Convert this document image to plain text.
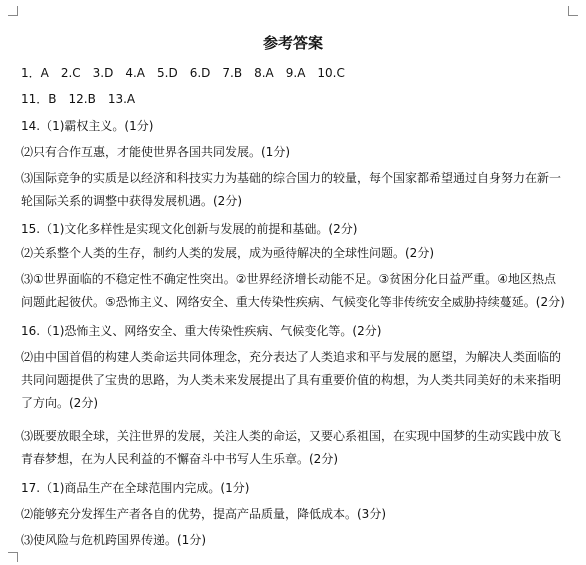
参考答案
1．A　2.C　3.D　4.A　5.D　6.D　7.B　8.A　9.A　10.C
11．B　12.B　13.A
14.（1)霸权主义。(1分)
⑵只有合作互惠，才能使世界各国共同发展。(1分)
⑶国际竞争的实质是以经济和科技实力为基础的综合国力的较量，每个国家都希望通过自身努力在新一轮国际关系的调整中获得发展机遇。(2分)
15.（1)文化多样性是实现文化创新与发展的前提和基础。(2分)
⑵关系整个人类的生存，制约人类的发展，成为亟待解决的全球性问题。(2分)
⑶①世界面临的不稳定性不确定性突出。②世界经济增长动能不足。③贫困分化日益严重。④地区热点问题此起彼伏。⑤恐怖主义、网络安全、重大传染性疾病、气候变化等非传统安全威胁持续蔓延。(2分)
16.（1)恐怖主义、网络安全、重大传染性疾病、气候变化等。(2分)
⑵由中国首倡的构建人类命运共同体理念，充分表达了人类追求和平与发展的愿望，为解决人类面临的共同问题提供了宝贵的思路，为人类未来发展提出了具有重要价值的构想，为人类共同美好的未来指明了方向。(2分)
⑶既要放眼全球，关注世界的发展，关注人类的命运，又要心系祖国，在实现中国梦的生动实践中放飞青春梦想，在为人民利益的不懈奋斗中书写人生乐章。(2分)
17.（1)商品生产在全球范围内完成。(1分)
⑵能够充分发挥生产者各自的优势，提高产品质量，降低成本。(3分)
⑶使风险与危机跨国界传递。(1分)
